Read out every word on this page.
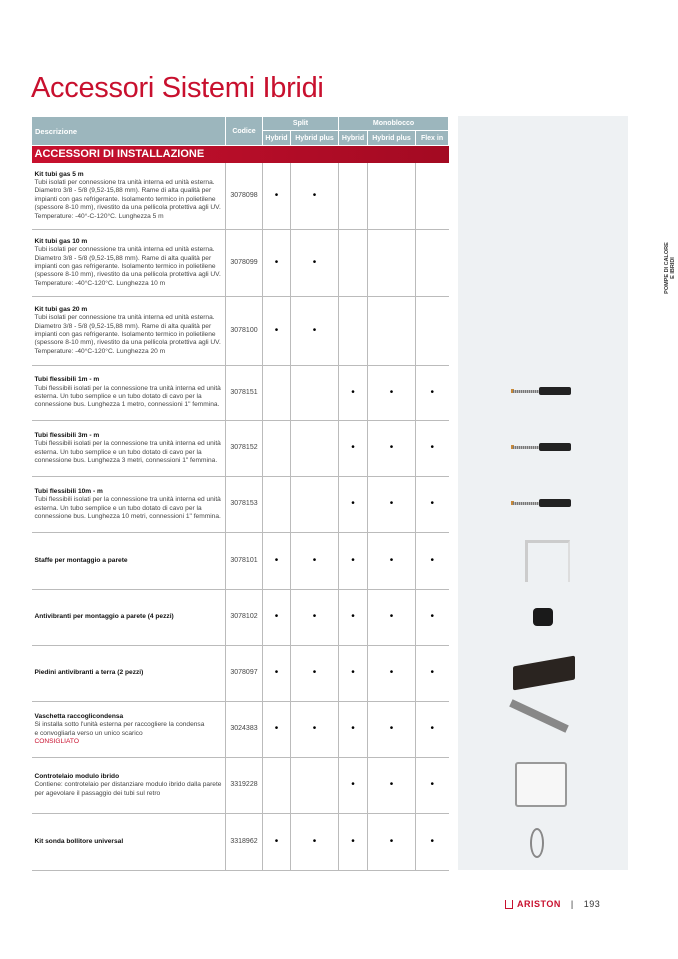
Accessori Sistemi Ibridi
POMPE DI CALORE E IBRIDI
Descrizione	Codice	Split		Monoblocco		
		Hybrid	Hybrid plus	Hybrid	Hybrid plus	Flex in
ACCESSORI DI INSTALLAZIONE						

Kit tubi gas 5 m
Tubi isolati per connessione tra unità interna ed unità esterna. Diametro 3/8 - 5/8 (9,52-15,88 mm). Rame di alta qualità per impianti con gas refrigerante. Isolamento termico in polietilene (spessore 8-10 mm), rivestito da una pellicola protettiva agli UV. Temperature: -40°-C-120°C. Lunghezza 5 m	3078098	•	•			

Kit tubi gas 10 m
Tubi isolati per connessione tra unità interna ed unità esterna. Diametro 3/8 - 5/8 (9,52-15,88 mm). Rame di alta qualità per impianti con gas refrigerante. Isolamento termico in polietilene (spessore 8-10 mm), rivestito da una pellicola protettiva agli UV. Temperature: -40°C-120°C. Lunghezza 10 m	3078099	•	•			

Kit tubi gas 20 m
Tubi isolati per connessione tra unità interna ed unità esterna. Diametro 3/8 - 5/8 (9,52-15,88 mm). Rame di alta qualità per impianti con gas refrigerante. Isolamento termico in polietilene (spessore 8-10 mm), rivestito da una pellicola protettiva agli UV. Temperature: -40°C-120°C. Lunghezza 20 m	3078100	•	•			

Tubi flessibili 1m - m
Tubi flessibili isolati per la connessione tra unità interna ed unità esterna. Un tubo semplice e un tubo dotato di cavo per la connessione bus. Lunghezza 1 metro, connessioni 1" femmina.	3078151			•	•	•

Tubi flessibili 3m - m
Tubi flessibili isolati per la connessione tra unità interna ed unità esterna. Un tubo semplice e un tubo dotato di cavo per la connessione bus. Lunghezza 3 metri, connessioni 1" femmina.	3078152			•	•	•

Tubi flessibili 10m - m
Tubi flessibili isolati per la connessione tra unità interna ed unità esterna. Un tubo semplice e un tubo dotato di cavo per la connessione bus. Lunghezza 10 metri, connessioni 1" femmina.	3078153			•	•	•

Staffe per montaggio a parete	3078101	•	•	•	•	•

Antivibranti per montaggio a parete (4 pezzi)	3078102	•	•	•	•	•

Piedini antivibranti a terra (2 pezzi)	3078097	•	•	•	•	•

Vaschetta raccoglicondensa
Si installa sotto l'unità esterna per raccogliere la condensa
e convogliarla verso un unico scarico
CONSIGLIATO	3024383	•	•	•	•	•

Controtelaio modulo ibrido
Contiene: controtelaio per distanziare modulo ibrido dalla parete per agevolare il passaggio dei tubi sul retro	3319228			•	•	•

Kit sonda bollitore universal	3318962	•	•	•	•	•
ARISTON | 193
